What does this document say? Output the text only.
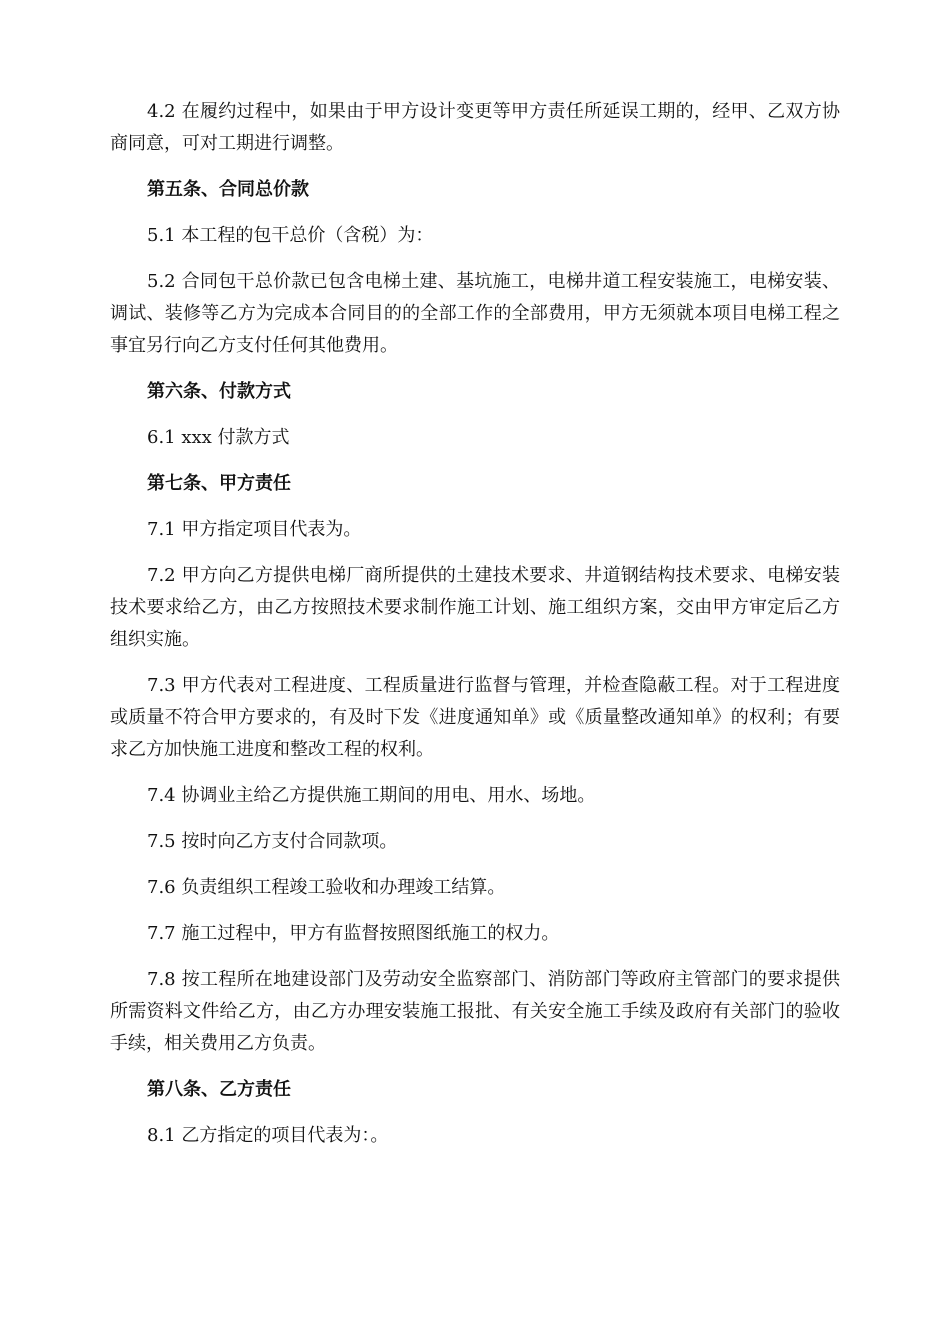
4.2 在履约过程中，如果由于甲方设计变更等甲方责任所延误工期的，经甲、乙双方协商同意，可对工期进行调整。

第五条、合同总价款

5.1 本工程的包干总价（含税）为：

5.2 合同包干总价款已包含电梯土建、基坑施工，电梯井道工程安装施工，电梯安装、调试、装修等乙方为完成本合同目的的全部工作的全部费用，甲方无须就本项目电梯工程之事宜另行向乙方支付任何其他费用。

第六条、付款方式

6.1 xxx 付款方式

第七条、甲方责任

7.1 甲方指定项目代表为。

7.2 甲方向乙方提供电梯厂商所提供的土建技术要求、井道钢结构技术要求、电梯安装技术要求给乙方，由乙方按照技术要求制作施工计划、施工组织方案，交由甲方审定后乙方组织实施。

7.3 甲方代表对工程进度、工程质量进行监督与管理，并检查隐蔽工程。对于工程进度或质量不符合甲方要求的，有及时下发《进度通知单》或《质量整改通知单》的权利；有要求乙方加快施工进度和整改工程的权利。

7.4 协调业主给乙方提供施工期间的用电、用水、场地。

7.5 按时向乙方支付合同款项。

7.6 负责组织工程竣工验收和办理竣工结算。

7.7 施工过程中，甲方有监督按照图纸施工的权力。

7.8 按工程所在地建设部门及劳动安全监察部门、消防部门等政府主管部门的要求提供所需资料文件给乙方，由乙方办理安装施工报批、有关安全施工手续及政府有关部门的验收手续，相关费用乙方负责。

第八条、乙方责任

8.1 乙方指定的项目代表为：。
